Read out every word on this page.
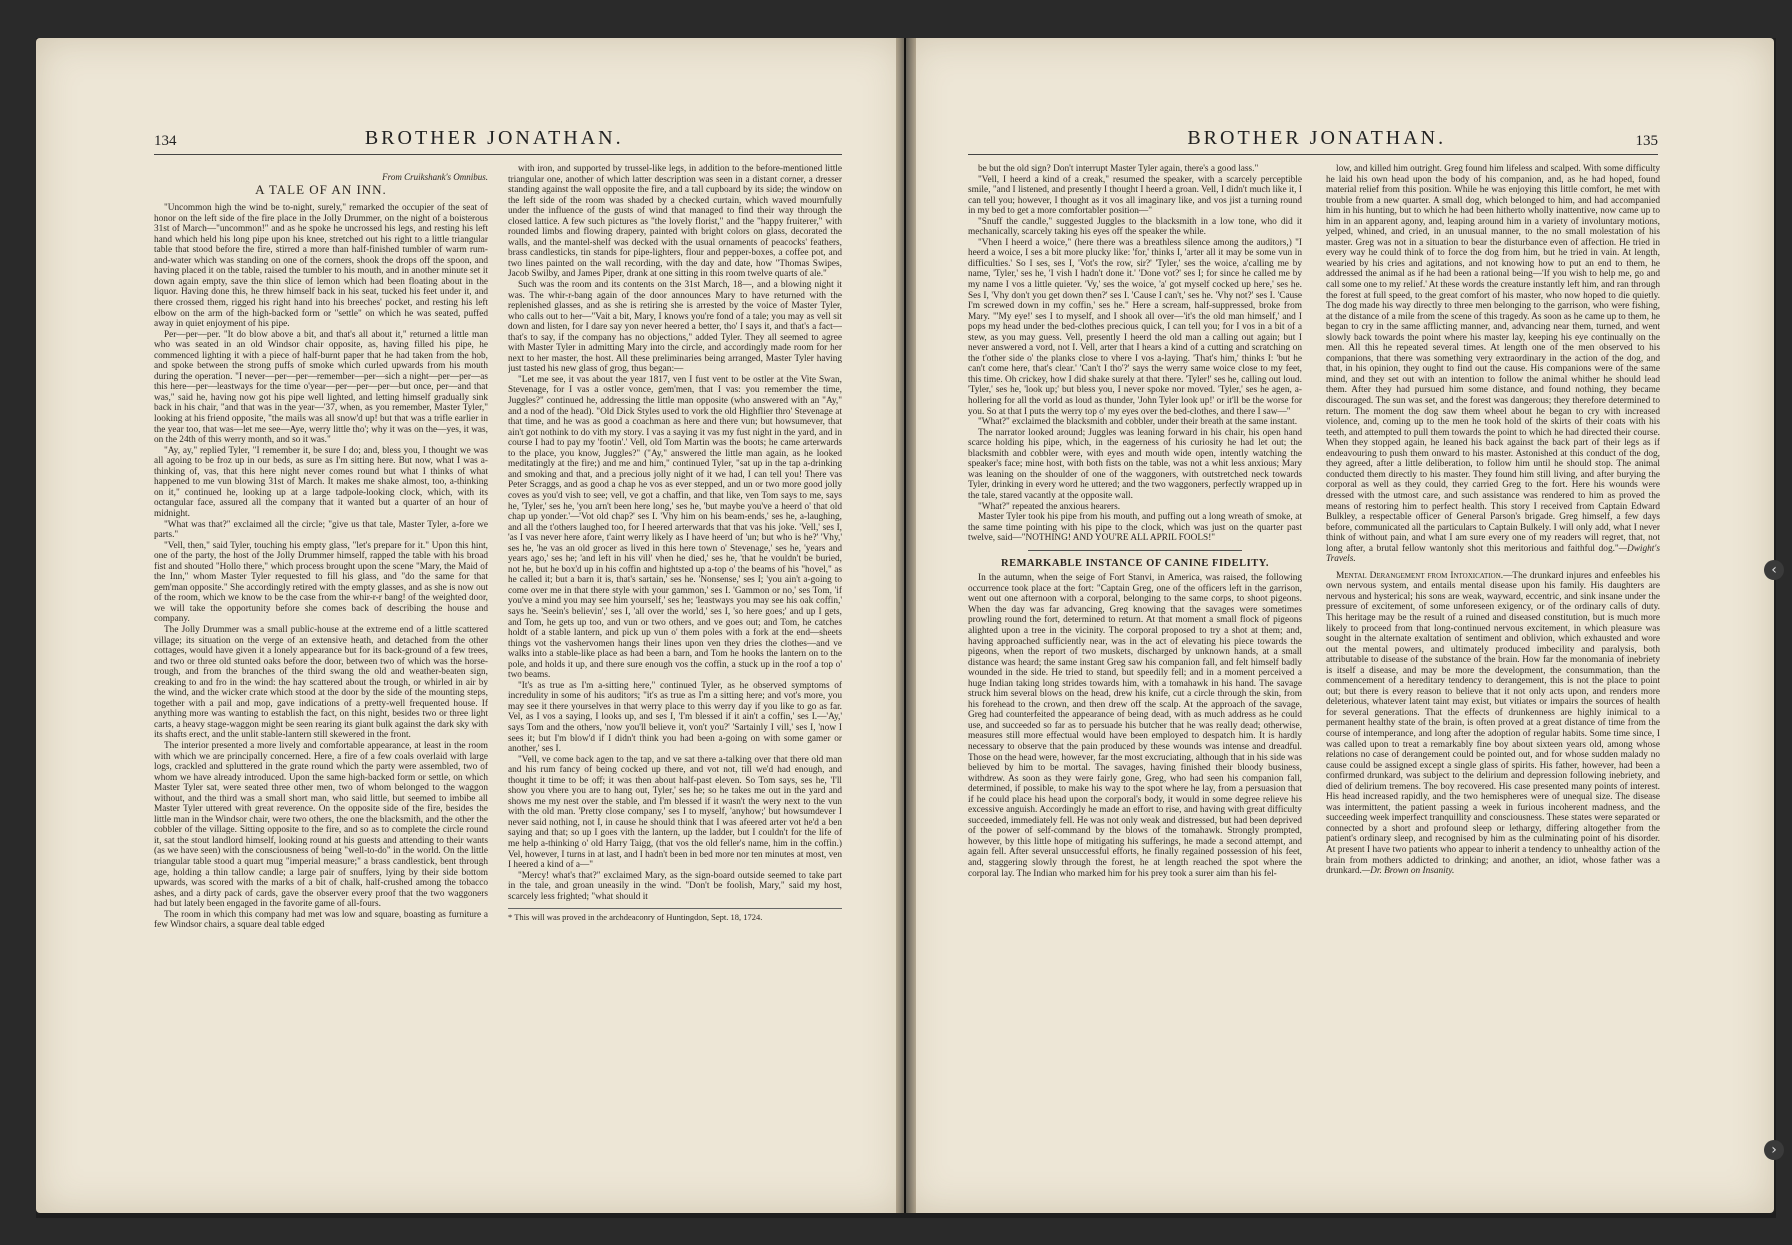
134	BROTHER JONATHAN.
From Cruikshank's Omnibus.
A TALE OF AN INN.

"Uncommon high the wind be to-night, surely," remarked the occupier of the seat of honor on the left side of the fire place in the Jolly Drummer, on the night of a boisterous 31st of March—"uncommon!" and as he spoke he uncrossed his legs, and resting his left hand which held his long pipe upon his knee, stretched out his right to a little triangular table that stood before the fire, stirred a more than half-finished tumbler of warm rum-and-water which was standing on one of the corners, shook the drops off the spoon, and having placed it on the table, raised the tumbler to his mouth, and in another minute set it down again empty, save the thin slice of lemon which had been floating about in the liquor. Having done this, he threw himself back in his seat, tucked his feet under it, and there crossed them, rigged his right hand into his breeches' pocket, and resting his left elbow on the arm of the high-backed form or "settle" on which he was seated, puffed away in quiet enjoyment of his pipe.

Per—per—per. "It do blow above a bit, and that's all about it," returned a little man who was seated in an old Windsor chair opposite, as, having filled his pipe, he commenced lighting it with a piece of half-burnt paper that he had taken from the hob, and spoke between the strong puffs of smoke which curled upwards from his mouth during the operation. "I never—per—per—remember—per—sich a night—per—per—as this here—per—leastways for the time o'year—per—per—per—but once, per—and that was," said he, having now got his pipe well lighted, and letting himself gradually sink back in his chair, "and that was in the year—'37, when, as you remember, Master Tyler," looking at his friend opposite, "the mails was all snow'd up! but that was a trifle earlier in the year too, that was—let me see—Aye, werry little tho'; why it was on the—yes, it was, on the 24th of this werry month, and so it was."

"Ay, ay," replied Tyler, "I remember it, be sure I do; and, bless you, I thought we was all agoing to be froz up in our beds, as sure as I'm sitting here. But now, what I was a-thinking of, vas, that this here night never comes round but what I thinks of what happened to me vun blowing 31st of March. It makes me shake almost, too, a-thinking on it," continued he, looking up at a large tadpole-looking clock, which, with its octangular face, assured all the company that it wanted but a quarter of an hour of midnight.

"What was that?" exclaimed all the circle; "give us that tale, Master Tyler, a-fore we parts."

"Vell, then," said Tyler, touching his empty glass, "let's prepare for it." Upon this hint, one of the party, the host of the Jolly Drummer himself, rapped the table with his broad fist and shouted "Hollo there," which process brought upon the scene "Mary, the Maid of the Inn," whom Master Tyler requested to fill his glass, and "do the same for that gem'man opposite." She accordingly retired with the empty glasses, and as she is now out of the room, which we know to be the case from the whir-r-r bang! of the weighted door, we will take the opportunity before she comes back of describing the house and company.

The Jolly Drummer was a small public-house at the extreme end of a little scattered village; its situation on the verge of an extensive heath, and detached from the other cottages, would have given it a lonely appearance but for its back-ground of a few trees, and two or three old stunted oaks before the door, between two of which was the horse-trough, and from the branches of the third swang the old and weather-beaten sign, creaking to and fro in the wind: the hay scattered about the trough, or whirled in air by the wind, and the wicker crate which stood at the door by the side of the mounting steps, together with a pail and mop, gave indications of a pretty-well frequented house. If anything more was wanting to establish the fact, on this night, besides two or three light carts, a heavy stage-waggon might be seen rearing its giant bulk against the dark sky with its shafts erect, and the unlit stable-lantern still skewered in the front.

The interior presented a more lively and comfortable appearance, at least in the room with which we are principally concerned. Here, a fire of a few coals overlaid with large logs, crackled and spluttered in the grate round which the party were assembled, two of whom we have already introduced. Upon the same high-backed form or settle, on which Master Tyler sat, were seated three other men, two of whom belonged to the waggon without, and the third was a small short man, who said little, but seemed to imbibe all Master Tyler uttered with great reverence. On the opposite side of the fire, besides the little man in the Windsor chair, were two others, the one the blacksmith, and the other the cobbler of the village. Sitting opposite to the fire, and so as to complete the circle round it, sat the stout landlord himself, looking round at his guests and attending to their wants (as we have seen) with the consciousness of being "well-to-do" in the world. On the little triangular table stood a quart mug "imperial measure;" a brass candlestick, bent through age, holding a thin tallow candle; a large pair of snuffers, lying by their side bottom upwards, was scored with the marks of a bit of chalk, half-crushed among the tobacco ashes, and a dirty pack of cards, gave the observer every proof that the two waggoners had but lately been engaged in the favorite game of all-fours.

The room in which this company had met was low and square, boasting as furniture a few Windsor chairs, a square deal table edged

with iron, and supported by trussel-like legs, in addition to the before-mentioned little triangular one, another of which latter description was seen in a distant corner, a dresser standing against the wall opposite the fire, and a tall cupboard by its side; the window on the left side of the room was shaded by a checked curtain, which waved mournfully under the influence of the gusts of wind that managed to find their way through the closed lattice. A few such pictures as "the lovely florist," and the "happy fruiterer," with rounded limbs and flowing drapery, painted with bright colors on glass, decorated the walls, and the mantel-shelf was decked with the usual ornaments of peacocks' feathers, brass candlesticks, tin stands for pipe-lighters, flour and pepper-boxes, a coffee pot, and two lines painted on the wall recording, with the day and date, how "Thomas Swipes, Jacob Swilby, and James Piper, drank at one sitting in this room twelve quarts of ale."

Such was the room and its contents on the 31st March, 18—, and a blowing night it was. The whir-r-bang again of the door announces Mary to have returned with the replenished glasses, and as she is retiring she is arrested by the voice of Master Tyler, who calls out to her—"Vait a bit, Mary, I knows you're fond of a tale; you may as vell sit down and listen, for I dare say yon never heered a better, tho' I says it, and that's a fact—that's to say, if the company has no objections," added Tyler. They all seemed to agree with Master Tyler in admitting Mary into the circle, and accordingly made room for her next to her master, the host. All these preliminaries being arranged, Master Tyler having just tasted his new glass of grog, thus began:—

"Let me see, it vas about the year 1817, ven I fust vent to be ostler at the Vite Swan, Stevenage, for I vas a ostler vonce, gem'men, that I vas: you remember the time, Juggles?" continued he, addressing the little man opposite (who answered with an "Ay," and a nod of the head). "Old Dick Styles used to vork the old Highflier thro' Stevenage at that time, and he was as good a coachman as here and there vun; but howsumever, that ain't got nothink to do vith my story. I vas a saying it vas my fust night in the yard, and in course I had to pay my 'footin'.' Vell, old Tom Martin was the boots; he came arterwards to the place, you know, Juggles?" ("Ay," answered the little man again, as he looked meditatingly at the fire;) and me and him," continued Tyler, "sat up in the tap a-drinking and smoking and that, and a precious jolly night of it we had, I can tell you! There vas Peter Scraggs, and as good a chap he vos as ever stepped, and un or two more good jolly coves as you'd vish to see; vell, ve got a chaffin, and that like, ven Tom says to me, says he, 'Tyler,' ses he, 'you arn't been here long,' ses he, 'but maybe you've a heerd o' that old chap up yonder.'—'Vot old chap?' ses I. 'Vhy him on his beam-ends,' ses he, a-laughing, and all the t'others laughed too, for I heered arterwards that that vas his joke. 'Vell,' ses I, 'as I vas never here afore, t'aint werry likely as I have heerd of 'un; but who is he?' 'Vhy,' ses he, 'he vas an old grocer as lived in this here town o' Stevenage,' ses he, 'years and years ago,' ses he; 'and left in his vill' vhen he died,' ses he, 'that he vouldn't be buried, not he, but he box'd up in his coffin and hightsted up a-top o' the beams of his "hovel," as he called it; but a barn it is, that's sartain,' ses he. 'Nonsense,' ses I; 'you ain't a-going to come over me in that there style with your gammon,' ses I. 'Gammon or no,' ses Tom, 'if you've a mind you may see him yourself,' ses he; 'leastways you may see his oak coffin,' says he. 'Seein's believin',' ses I, 'all over the world,' ses I, 'so here goes;' and up I gets, and Tom, he gets up too, and vun or two others, and ve goes out; and Tom, he catches holdt of a stable lantern, and pick up vun o' them poles with a fork at the end—sheets things vot the vashervomen hangs their lines upon ven they dries the clothes—and ve walks into a stable-like place as had been a barn, and Tom he hooks the lantern on to the pole, and holds it up, and there sure enough vos the coffin, a stuck up in the roof a top o' two beams.

"It's as true as I'm a-sitting here," continued Tyler, as he observed symptoms of incredulity in some of his auditors; "it's as true as I'm a sitting here; and vot's more, you may see it there yourselves in that werry place to this werry day if you like to go as far. Vel, as I vos a saying, I looks up, and ses I, 'I'm blessed if it ain't a coffin,' ses I.—'Ay,' says Tom and the others, 'now you'll believe it, von't you?' 'Sartainly I vill,' ses I, 'now I sees it; but I'm blow'd if I didn't think you had been a-going on with some gamer or another,' ses I.

"Vell, ve come back agen to the tap, and ve sat there a-talking over that there old man and his rum fancy of being cocked up there, and vot not, till we'd had enough, and thought it time to be off; it was then about half-past eleven. So Tom says, ses he, 'I'll show you vhere you are to hang out, Tyler,' ses he; so he takes me out in the yard and shows me my nest over the stable, and I'm blessed if it wasn't the wery next to the vun with the old man. 'Pretty close company,' ses I to myself, 'anyhow;' but howsumdever I never said nothing, not I, in cause he should think that I was afeered arter vot he'd a ben saying and that; so up I goes vith the lantern, up the ladder, but I couldn't for the life of me help a-thinking o' old Harry Taigg, (that vos the old feller's name, him in the coffin.) Vel, however, I turns in at last, and I hadn't been in bed more nor ten minutes at most, ven I heered a kind of a—"

"Mercy! what's that?" exclaimed Mary, as the sign-board outside seemed to take part in the tale, and groan uneasily in the wind. "Don't be foolish, Mary," said my host, scarcely less frighted; "what should it

* This will was proved in the archdeaconry of Huntingdon, Sept. 18, 1724.
BROTHER JONATHAN.	135

be but the old sign? Don't interrupt Master Tyler again, there's a good lass."

"Vell, I heerd a kind of a creak," resumed the speaker, with a scarcely perceptible smile, "and I listened, and presently I thought I heerd a groan. Vell, I didn't much like it, I can tell you; however, I thought as it vos all imaginary like, and vos jist a turning round in my bed to get a more comfortabler position—"

"Snuff the candle," suggested Juggles to the blacksmith in a low tone, who did it mechanically, scarcely taking his eyes off the speaker the while.

"Vhen I heerd a woice," (here there was a breathless silence among the auditors,) "I heerd a woice, I ses a bit more plucky like: 'for,' thinks I, 'arter all it may be some vun in difficulties.' So I ses, ses I, 'Vot's the row, sir?' 'Tyler,' ses the woice, a'calling me by name, 'Tyler,' ses he, 'I vish I hadn't done it.' 'Done vot?' ses I; for since he called me by my name I vos a little quieter. 'Vy,' ses the woice, 'a' got myself cocked up here,' ses he. Ses I, 'Vhy don't you get down then?' ses I. 'Cause I can't,' ses he. 'Vhy not?' ses I. 'Cause I'm screwed down in my coffin,' ses he." Here a scream, half-suppressed, broke from Mary. "'My eye!' ses I to myself, and I shook all over—'it's the old man himself,' and I pops my head under the bed-clothes precious quick, I can tell you; for I vos in a bit of a stew, as you may guess. Vell, presently I heerd the old man a calling out again; but I never answered a vord, not I. Vell, arter that I hears a kind of a cutting and scratching on the t'other side o' the planks close to vhere I vos a-laying. 'That's him,' thinks I: 'but he can't come here, that's clear.' 'Can't I tho'?' says the werry same woice close to my feet, this time. Oh crickey, how I did shake surely at that there. 'Tyler!' ses he, calling out loud. 'Tyler,' ses he, 'look up;' but bless you, I never spoke nor moved. 'Tyler,' ses he agen, a-hollering for all the vorld as loud as thunder, 'John Tyler look up!' or it'll be the worse for you. So at that I puts the werry top o' my eyes over the bed-clothes, and there I saw—"

"What?" exclaimed the blacksmith and cobbler, under their breath at the same instant.

The narrator looked around; Juggles was leaning forward in his chair, his open hand scarce holding his pipe, which, in the eagerness of his curiosity he had let out; the blacksmith and cobbler were, with eyes and mouth wide open, intently watching the speaker's face; mine host, with both fists on the table, was not a whit less anxious; Mary was leaning on the shoulder of one of the waggoners, with outstretched neck towards Tyler, drinking in every word he uttered; and the two waggoners, perfectly wrapped up in the tale, stared vacantly at the opposite wall.

"What?" repeated the anxious hearers.

Master Tyler took his pipe from his mouth, and puffing out a long wreath of smoke, at the same time pointing with his pipe to the clock, which was just on the quarter past twelve, said—"NOTHING! AND YOU'RE ALL APRIL FOOLS!"

REMARKABLE INSTANCE OF CANINE FIDELITY.

In the autumn, when the seige of Fort Stanvi, in America, was raised, the following occurrence took place at the fort: "Captain Greg, one of the officers left in the garrison, went out one afternoon with a corporal, belonging to the same corps, to shoot pigeons. When the day was far advancing, Greg knowing that the savages were sometimes prowling round the fort, determined to return. At that moment a small flock of pigeons alighted upon a tree in the vicinity. The corporal proposed to try a shot at them; and, having approached sufficiently near, was in the act of elevating his piece towards the pigeons, when the report of two muskets, discharged by unknown hands, at a small distance was heard; the same instant Greg saw his companion fall, and felt himself badly wounded in the side. He tried to stand, but speedily fell; and in a moment perceived a huge Indian taking long strides towards him, with a tomahawk in his hand. The savage struck him several blows on the head, drew his knife, cut a circle through the skin, from his forehead to the crown, and then drew off the scalp. At the approach of the savage, Greg had counterfeited the appearance of being dead, with as much address as he could use, and succeeded so far as to persuade his butcher that he was really dead; otherwise, measures still more effectual would have been employed to despatch him. It is hardly necessary to observe that the pain produced by these wounds was intense and dreadful. Those on the head were, however, far the most excruciating, although that in his side was believed by him to be mortal. The savages, having finished their bloody business, withdrew. As soon as they were fairly gone, Greg, who had seen his companion fall, determined, if possible, to make his way to the spot where he lay, from a persuasion that if he could place his head upon the corporal's body, it would in some degree relieve his excessive anguish. Accordingly he made an effort to rise, and having with great difficulty succeeded, immediately fell. He was not only weak and distressed, but had been deprived of the power of self-command by the blows of the tomahawk. Strongly prompted, however, by this little hope of mitigating his sufferings, he made a second attempt, and again fell. After several unsuccessful efforts, he finally regained possession of his feet, and, staggering slowly through the forest, he at length reached the spot where the corporal lay. The Indian who marked him for his prey took a surer aim than his fel-

low, and killed him outright. Greg found him lifeless and scalped. With some difficulty he laid his own head upon the body of his companion, and, as he had hoped, found material relief from this position. While he was enjoying this little comfort, he met with trouble from a new quarter. A small dog, which belonged to him, and had accompanied him in his hunting, but to which he had been hitherto wholly inattentive, now came up to him in an apparent agony, and, leaping around him in a variety of involuntary motions, yelped, whined, and cried, in an unusual manner, to the no small molestation of his master. Greg was not in a situation to bear the disturbance even of affection. He tried in every way he could think of to force the dog from him, but he tried in vain. At length, wearied by his cries and agitations, and not knowing how to put an end to them, he addressed the animal as if he had been a rational being—'If you wish to help me, go and call some one to my relief.' At these words the creature instantly left him, and ran through the forest at full speed, to the great comfort of his master, who now hoped to die quietly. The dog made his way directly to three men belonging to the garrison, who were fishing, at the distance of a mile from the scene of this tragedy. As soon as he came up to them, he began to cry in the same afflicting manner, and, advancing near them, turned, and went slowly back towards the point where his master lay, keeping his eye continually on the men. All this he repeated several times. At length one of the men observed to his companions, that there was something very extraordinary in the action of the dog, and that, in his opinion, they ought to find out the cause. His companions were of the same mind, and they set out with an intention to follow the animal whither he should lead them. After they had pursued him some distance, and found nothing, they became discouraged. The sun was set, and the forest was dangerous; they therefore determined to return. The moment the dog saw them wheel about he began to cry with increased violence, and, coming up to the men he took hold of the skirts of their coats with his teeth, and attempted to pull them towards the point to which he had directed their course. When they stopped again, he leaned his back against the back part of their legs as if endeavouring to push them onward to his master. Astonished at this conduct of the dog, they agreed, after a little deliberation, to follow him until he should stop. The animal conducted them directly to his master. They found him still living, and after burying the corporal as well as they could, they carried Greg to the fort. Here his wounds were dressed with the utmost care, and such assistance was rendered to him as proved the means of restoring him to perfect health. This story I received from Captain Edward Bulkley, a respectable officer of General Parson's brigade. Greg himself, a few days before, communicated all the particulars to Captain Bulkely. I will only add, what I never think of without pain, and what I am sure every one of my readers will regret, that, not long after, a brutal fellow wantonly shot this meritorious and faithful dog."—Dwight's Travels.

Mental Derangement from Intoxication.—The drunkard injures and enfeebles his own nervous system, and entails mental disease upon his family. His daughters are nervous and hysterical; his sons are weak, wayward, eccentric, and sink insane under the pressure of excitement, of some unforeseen exigency, or of the ordinary calls of duty. This heritage may be the result of a ruined and diseased constitution, but is much more likely to proceed from that long-continued nervous excitement, in which pleasure was sought in the alternate exaltation of sentiment and oblivion, which exhausted and wore out the mental powers, and ultimately produced imbecility and paralysis, both attributable to disease of the substance of the brain. How far the monomania of inebriety is itself a disease, and may be more the development, the consummation, than the commencement of a hereditary tendency to derangement, this is not the place to point out; but there is every reason to believe that it not only acts upon, and renders more deleterious, whatever latent taint may exist, but vitiates or impairs the sources of health for several generations. That the effects of drunkenness are highly inimical to a permanent healthy state of the brain, is often proved at a great distance of time from the course of intemperance, and long after the adoption of regular habits. Some time since, I was called upon to treat a remarkably fine boy about sixteen years old, among whose relations no case of derangement could be pointed out, and for whose sudden malady no cause could be assigned except a single glass of spirits. His father, however, had been a confirmed drunkard, was subject to the delirium and depression following inebriety, and died of delirium tremens. The boy recovered. His case presented many points of interest. His head increased rapidly, and the two hemispheres were of unequal size. The disease was intermittent, the patient passing a week in furious incoherent madness, and the succeeding week imperfect tranquillity and consciousness. These states were separated or connected by a short and profound sleep or lethargy, differing altogether from the patient's ordinary sleep, and recognised by him as the culminating point of his disorder. At present I have two patients who appear to inherit a tendency to unhealthy action of the brain from mothers addicted to drinking; and another, an idiot, whose father was a drunkard.—Dr. Brown on Insanity.

‹
›
